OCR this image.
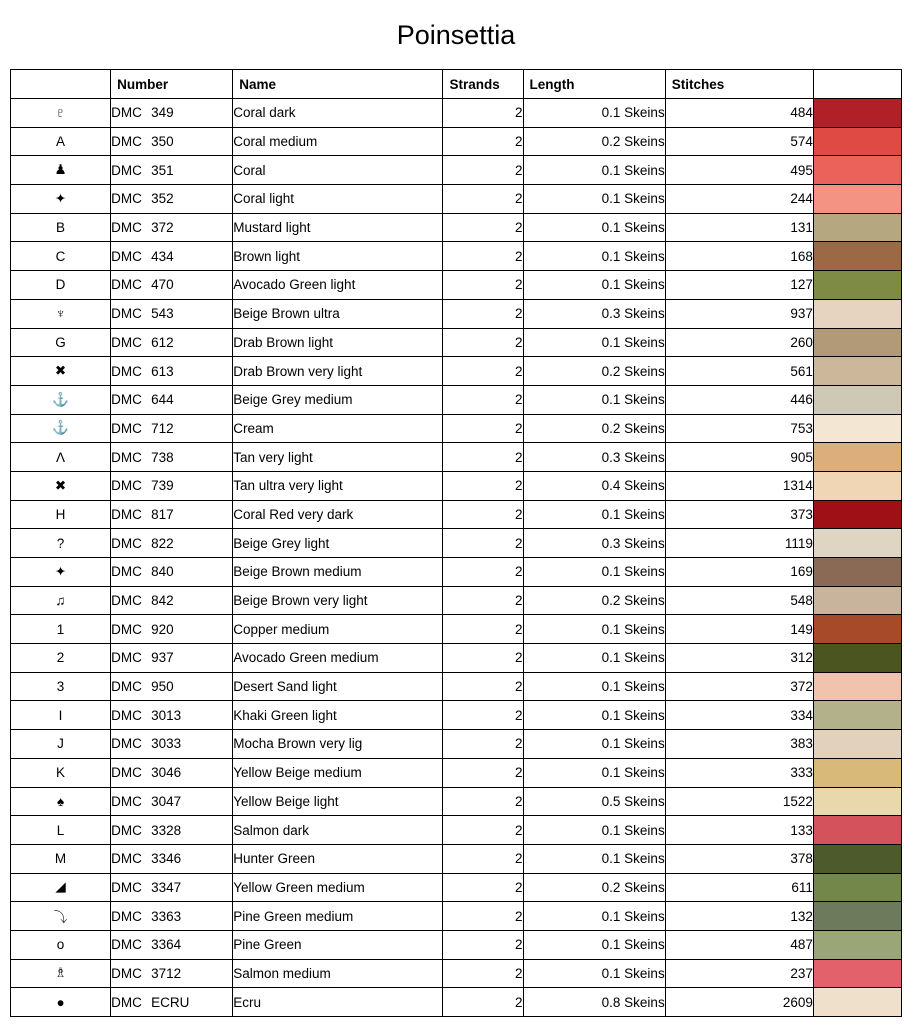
Poinsettia
	Number	Name	Strands	Length	Stitches	
♇	DMC 349	Coral dark	2	0.1 Skeins	484	

A	DMC 350	Coral medium	2	0.2 Skeins	574	

♟	DMC 351	Coral	2	0.1 Skeins	495	

✦	DMC 352	Coral light	2	0.1 Skeins	244	

B	DMC 372	Mustard light	2	0.1 Skeins	131	

C	DMC 434	Brown light	2	0.1 Skeins	168	

D	DMC 470	Avocado Green light	2	0.1 Skeins	127	

♆	DMC 543	Beige Brown ultra	2	0.3 Skeins	937	

G	DMC 612	Drab Brown light	2	0.1 Skeins	260	

✖	DMC 613	Drab Brown very light	2	0.2 Skeins	561	

⚓	DMC 644	Beige Grey medium	2	0.1 Skeins	446	

⚓	DMC 712	Cream	2	0.2 Skeins	753	

Λ	DMC 738	Tan very light	2	0.3 Skeins	905	

✖	DMC 739	Tan ultra very light	2	0.4 Skeins	1314	

H	DMC 817	Coral Red very dark	2	0.1 Skeins	373	

?	DMC 822	Beige Grey light	2	0.3 Skeins	1119	

✦	DMC 840	Beige Brown medium	2	0.1 Skeins	169	

♫	DMC 842	Beige Brown very light	2	0.2 Skeins	548	

1	DMC 920	Copper medium	2	0.1 Skeins	149	

2	DMC 937	Avocado Green medium	2	0.1 Skeins	312	

3	DMC 950	Desert Sand light	2	0.1 Skeins	372	

I	DMC 3013	Khaki Green light	2	0.1 Skeins	334	

J	DMC 3033	Mocha Brown very lig	2	0.1 Skeins	383	

K	DMC 3046	Yellow Beige medium	2	0.1 Skeins	333	

♠	DMC 3047	Yellow Beige light	2	0.5 Skeins	1522	

L	DMC 3328	Salmon dark	2	0.1 Skeins	133	

M	DMC 3346	Hunter Green	2	0.1 Skeins	378	

◢	DMC 3347	Yellow Green medium	2	0.2 Skeins	611	

⤵	DMC 3363	Pine Green medium	2	0.1 Skeins	132	

o	DMC 3364	Pine Green	2	0.1 Skeins	487	

♗	DMC 3712	Salmon medium	2	0.1 Skeins	237	

●	DMC ECRU	Ecru	2	0.8 Skeins	2609	
